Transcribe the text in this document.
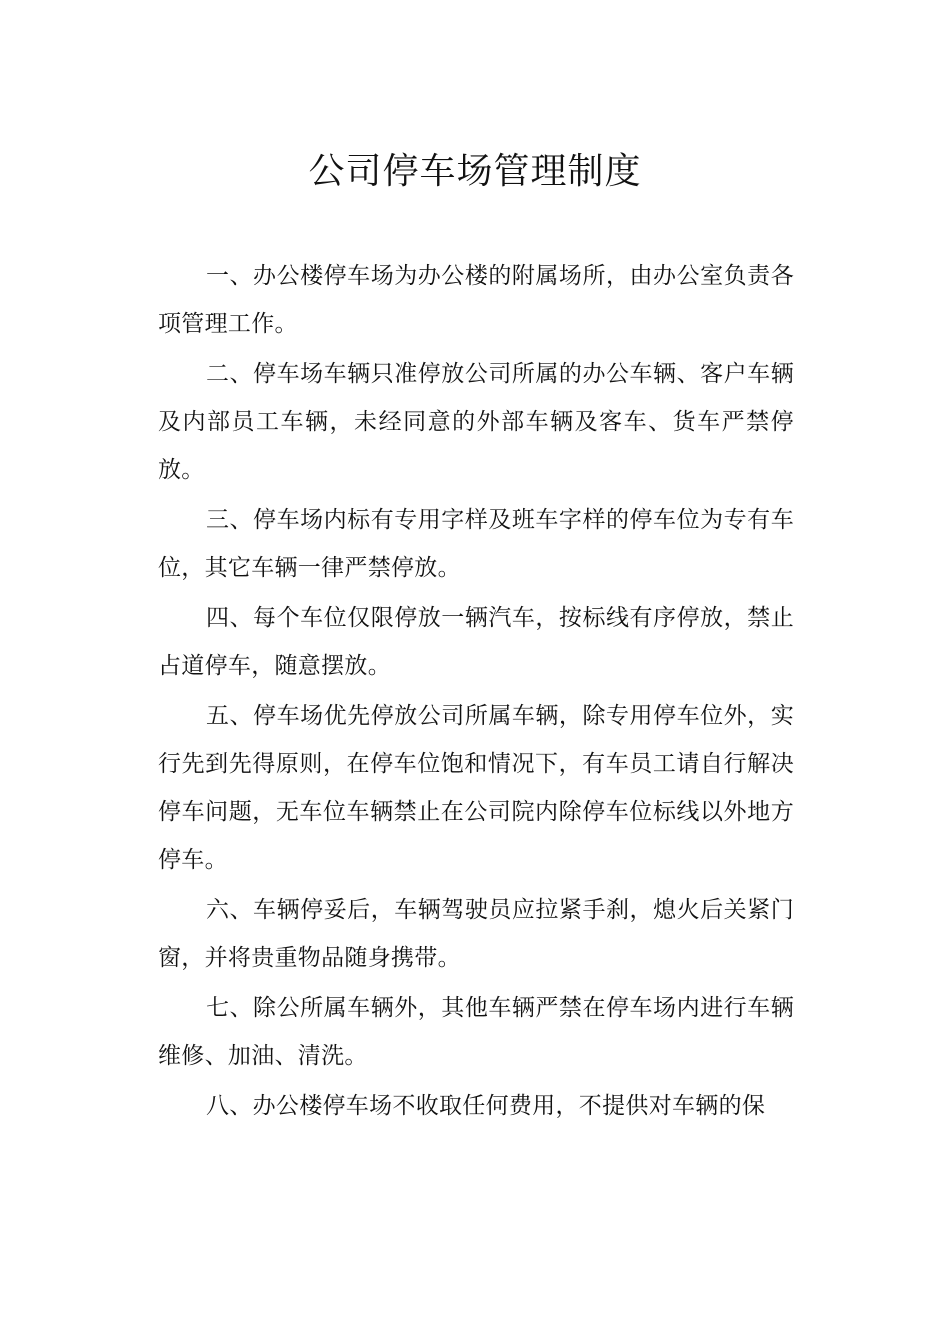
公司停车场管理制度

一、办公楼停车场为办公楼的附属场所，由办公室负责各项管理工作。

二、停车场车辆只准停放公司所属的办公车辆、客户车辆及内部员工车辆，未经同意的外部车辆及客车、货车严禁停放。

三、停车场内标有专用字样及班车字样的停车位为专有车位，其它车辆一律严禁停放。

四、每个车位仅限停放一辆汽车，按标线有序停放，禁止占道停车，随意摆放。

五、停车场优先停放公司所属车辆，除专用停车位外，实行先到先得原则，在停车位饱和情况下，有车员工请自行解决停车问题，无车位车辆禁止在公司院内除停车位标线以外地方停车。

六、车辆停妥后，车辆驾驶员应拉紧手刹，熄火后关紧门窗，并将贵重物品随身携带。

七、除公所属车辆外，其他车辆严禁在停车场内进行车辆维修、加油、清洗。

八、办公楼停车场不收取任何费用，不提供对车辆的保
